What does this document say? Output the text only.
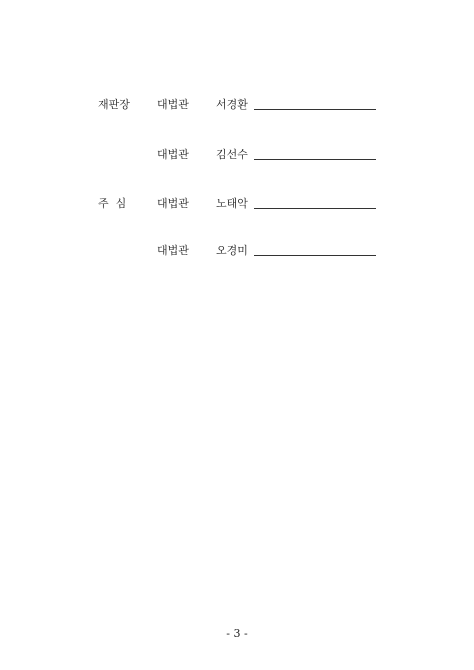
재판장 대법관 서경환
대법관 김선수
주  심	대법관 노태악
대법관 오경미
- 3 -
